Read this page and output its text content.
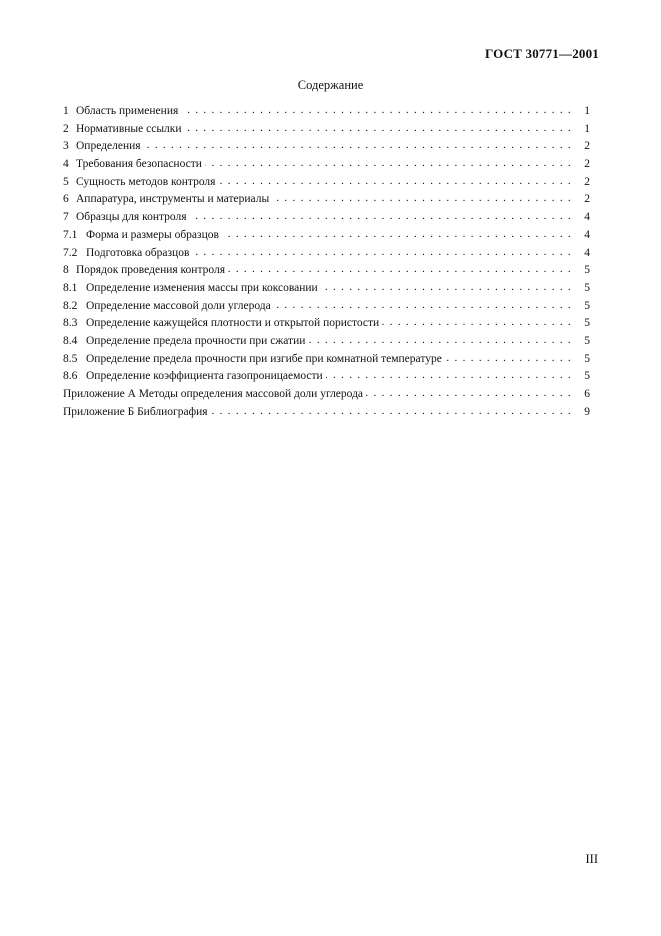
ГОСТ 30771—2001
Содержание
1 Область применения . . .	1
2 Нормативные ссылки . . .	1
3 Определения . . .	2
4 Требования безопасности . . .	2
5 Сущность методов контроля . . .	2
6 Аппаратура, инструменты и материалы . . .	2
7 Образцы для контроля . . .	4
7.1 Форма и размеры образцов . . .	4
7.2 Подготовка образцов . . .	4
8 Порядок проведения контроля . . .	5
8.1 Определение изменения массы при коксовании . . .	5
8.2 Определение массовой доли углерода . . .	5
8.3 Определение кажущейся плотности и открытой пористости . . .	5
8.4 Определение предела прочности при сжатии . . .	5
8.5 Определение предела прочности при изгибе при комнатной температуре . . .	5
8.6 Определение коэффициента газопроницаемости . . .	5
Приложение А Методы определения массовой доли углерода . . .	6
Приложение Б Библиография . . .	9
III
